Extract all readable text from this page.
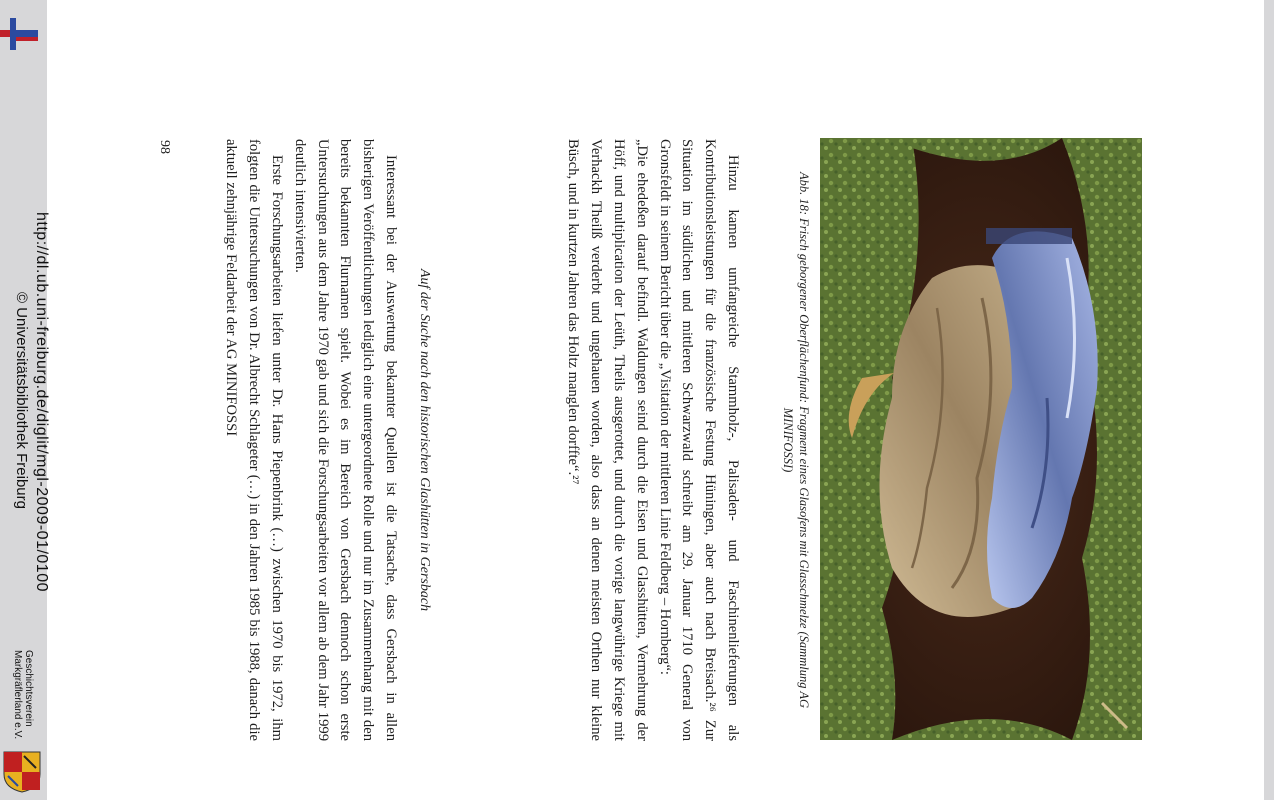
http://dl.ub.uni-freiburg.de/diglit/mgl-2009-01/0100
© Universitätsbibliothek Freiburg
Geschichtsverein
Markgräflerland e.V.
Abb. 18: Frisch geborgener Oberflächenfund: Fragment eines Glasofens mit Glasschmelze (Sammlung AG MINIFOSSI)

Hinzu kamen umfangreiche Stammholz-, Palisaden- und Faschinenlieferungen als Kontributionsleistungen für die französische Festung Hüningen, aber auch nach Breisach.²⁶ Zur Situation im südlichen und mittleren Schwarzwald schreibt am 29. Januar 1710 General von Gronsfeldt in seinem Bericht über die „Visitation der mittleren Linie Feldberg – Hornberg“:

„Die ehedeßen darauf befindl. Waldungen seind durch die Eisen und Glasshütten, Vermehrung der Höff, und multiplication der Leüth, Theils ausgerottet, und durch die vorige langwührige Kriege mit Verhackh Theilß verderbt und ungehauen worden, also dass an denen meisten Orthen nur kleine Büsch, und in kurtzen Jahren das Holtz manglen dorffte“.²⁷

Auf der Suche nach den historischen Glashütten in Gersbach

Interessant bei der Auswertung bekannter Quellen ist die Tatsache, dass Gersbach in allen bisherigen Veröffentlichungen lediglich eine untergeordnete Rolle und nur im Zusammenhang mit den bereits bekannten Flurnamen spielt. Wobei es im Bereich von Gersbach dennoch schon erste Untersuchungen aus dem Jahre 1970 gab und sich die Forschungsarbeiten vor allem ab dem Jahr 1999 deutlich intensivierten.

Erste Forschungsarbeiten liefen unter Dr. Hans Piepenbrink (…) zwischen 1970 bis 1972, ihm folgten die Untersuchungen von Dr. Albrecht Schlageter (…) in den Jahren 1985 bis 1988, danach die aktuell zehnjährige Feldarbeit der AG MINIFOSSI

98
